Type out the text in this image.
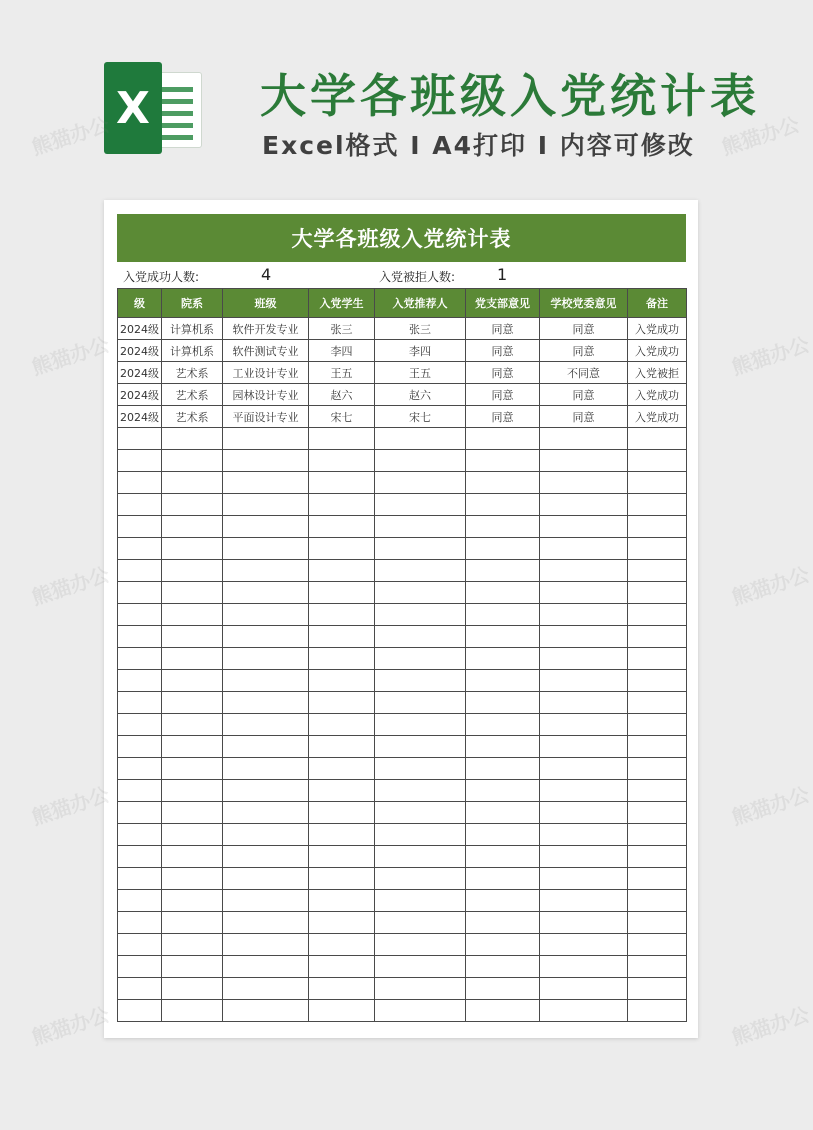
X 大学各班级入党统计表
Excel格式 I A4打印 I 内容可修改
大学各班级入党统计表
入党成功人数:	4	入党被拒人数:	1
级	院系	班级	入党学生	入党推荐人	党支部意见	学校党委意见	备注
2024级	计算机系	软件开发专业	张三	张三	同意	同意	入党成功
2024级	计算机系	软件测试专业	李四	李四	同意	同意	入党成功
2024级	艺术系	工业设计专业	王五	王五	同意	不同意	入党被拒
2024级	艺术系	园林设计专业	赵六	赵六	同意	同意	入党成功
2024级	艺术系	平面设计专业	宋七	宋七	同意	同意	入党成功

熊猫办公	熊猫办公
熊猫办公	熊猫办公
熊猫办公	熊猫办公
熊猫办公	熊猫办公
熊猫办公	熊猫办公
